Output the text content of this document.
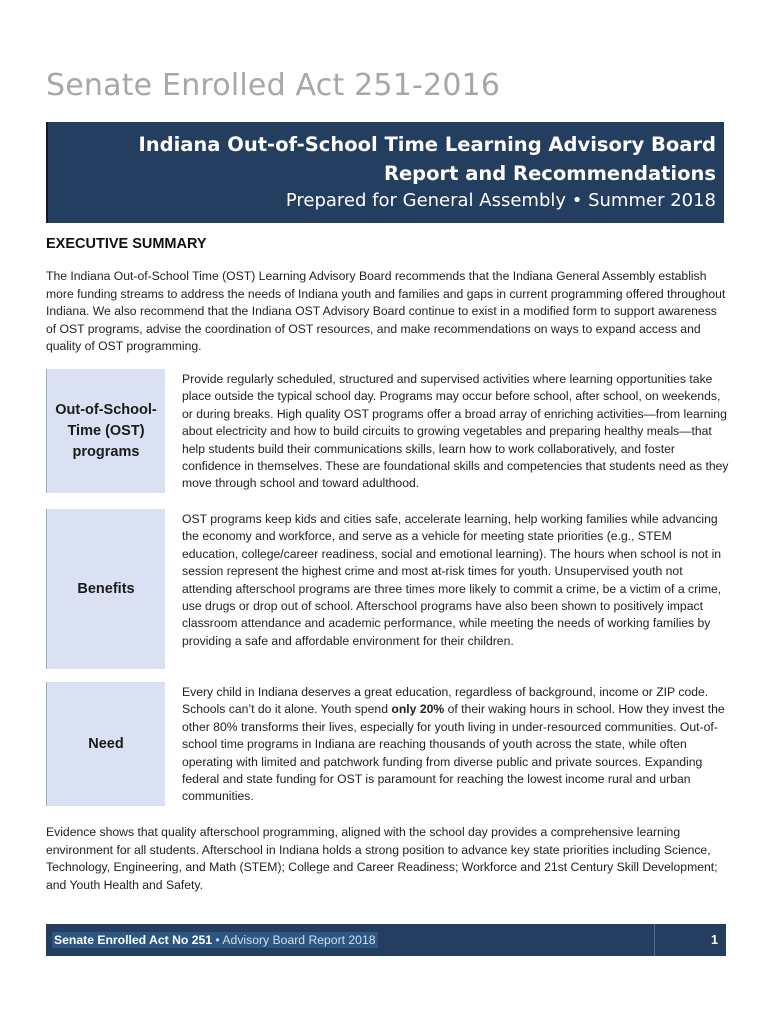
Senate Enrolled Act 251-2016

Indiana Out-of-School Time Learning Advisory Board

Report and Recommendations

Prepared for General Assembly • Summer 2018

EXECUTIVE SUMMARY

The Indiana Out-of-School Time (OST) Learning Advisory Board recommends that the Indiana General Assembly establish more funding streams to address the needs of Indiana youth and families and gaps in current programming offered throughout Indiana. We also recommend that the Indiana OST Advisory Board continue to exist in a modified form to support awareness of OST programs, advise the coordination of OST resources, and make recommendations on ways to expand access and quality of OST programming.

Out-of-School-Time (OST) programs

Provide regularly scheduled, structured and supervised activities where learning opportunities take place outside the typical school day. Programs may occur before school, after school, on weekends, or during breaks. High quality OST programs offer a broad array of enriching activities—from learning about electricity and how to build circuits to growing vegetables and preparing healthy meals—that help students build their communications skills, learn how to work collaboratively, and foster confidence in themselves. These are foundational skills and competencies that students need as they move through school and toward adulthood.

Benefits

OST programs keep kids and cities safe, accelerate learning, help working families while advancing the economy and workforce, and serve as a vehicle for meeting state priorities (e.g., STEM education, college/career readiness, social and emotional learning). The hours when school is not in session represent the highest crime and most at-risk times for youth. Unsupervised youth not attending afterschool programs are three times more likely to commit a crime, be a victim of a crime, use drugs or drop out of school. Afterschool programs have also been shown to positively impact classroom attendance and academic performance, while meeting the needs of working families by providing a safe and affordable environment for their children.

Need

Every child in Indiana deserves a great education, regardless of background, income or ZIP code. Schools can’t do it alone. Youth spend only 20% of their waking hours in school. How they invest the other 80% transforms their lives, especially for youth living in under-resourced communities. Out-of-school time programs in Indiana are reaching thousands of youth across the state, while often operating with limited and patchwork funding from diverse public and private sources. Expanding federal and state funding for OST is paramount for reaching the lowest income rural and urban communities.

Evidence shows that quality afterschool programming, aligned with the school day provides a comprehensive learning environment for all students. Afterschool in Indiana holds a strong position to advance key state priorities including Science, Technology, Engineering, and Math (STEM); College and Career Readiness; Workforce and 21st Century Skill Development; and Youth Health and Safety.

Senate Enrolled Act No 251 • Advisory Board Report 2018	1
